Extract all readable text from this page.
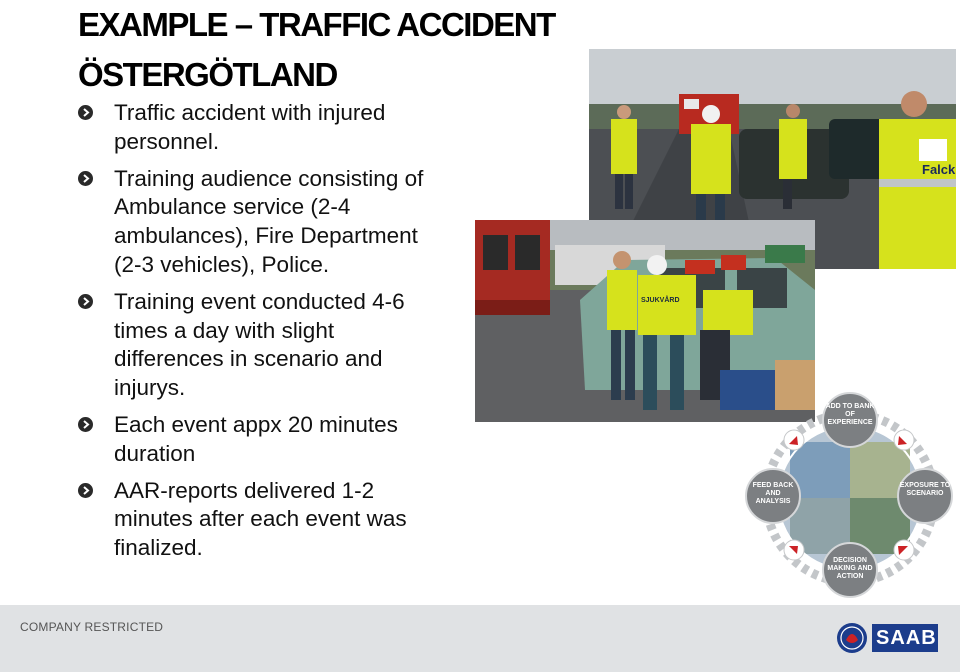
EXAMPLE – TRAFFIC ACCIDENT
ÖSTERGÖTLAND
Traffic accident with injured personnel.
Training audience consisting of Ambulance service (2-4 ambulances), Fire Department (2-3 vehicles), Police.
Training event conducted 4-6 times a day with slight differences in scenario and injurys.
Each event appx 20 minutes duration
AAR-reports delivered 1-2 minutes after each event was finalized.
Falck
SJUKVÅRD
ADD TO BANK OF EXPERIENCE
EXPOSURE TO SCENARIO
DECISION MAKING AND ACTION
FEED BACK AND ANALYSIS
COMPANY RESTRICTED	SAAB
